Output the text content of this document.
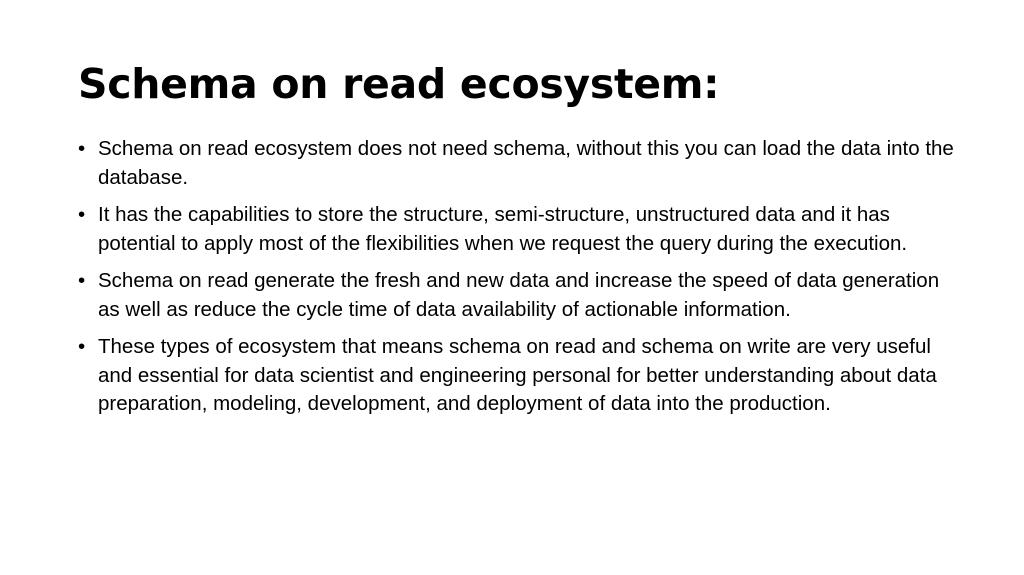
Schema on read ecosystem:
• Schema on read ecosystem does not need schema, without this you can load the data into the database.
• It has the capabilities to store the structure, semi-structure, unstructured data and it has potential to apply most of the flexibilities when we request the query during the execution.
• Schema on read generate the fresh and new data and increase the speed of data generation as well as reduce the cycle time of data availability of actionable information.
• These types of ecosystem that means schema on read and schema on write are very useful and essential for data scientist and engineering personal for better understanding about data preparation, modeling, development, and deployment of data into the production.
